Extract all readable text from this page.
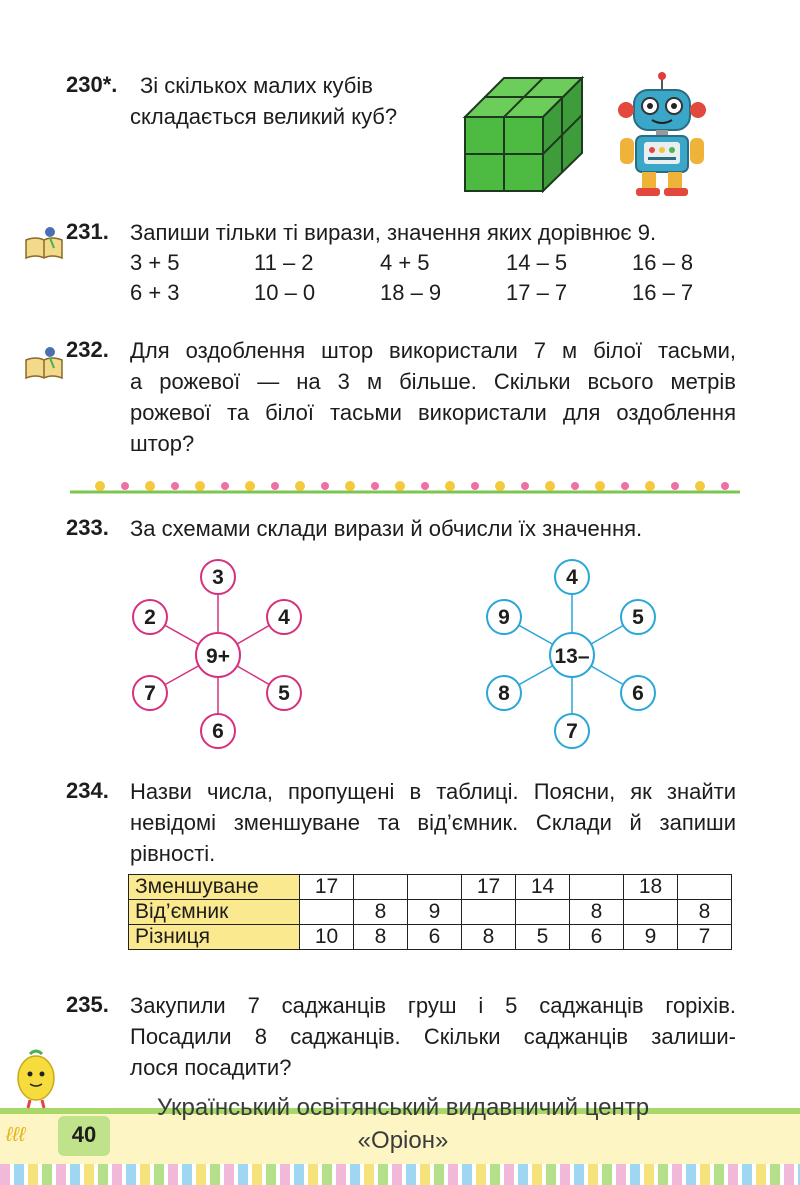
230*. Зі скількох малих кубів
складається великий куб?
231. Запиши тільки ті вирази, значення яких дорівнює 9.
3 + 5	11 – 2	4 + 5	14 – 5	16 – 8
6 + 3	10 – 0	18 – 9	17 – 7	16 – 7
232. Для оздоблення штор використали 7 м білої тасьми,
а рожевої — на 3 м більше. Скільки всього метрів
рожевої та білої тасьми використали для оздоблення
штор?
233. За схемами склади вирази й обчисли їх значення.
9+
3
4
5
6
7
2
13–
4
5
6
7
8
9
234. Назви числа, пропущені в таблиці. Поясни, як знайти
невідомі зменшуване та від’ємник. Склади й запиши
рівності.
Зменшуване	17			17	14		18	
Від’ємник		8	9			8		8
Різниця	10	8	6	8	5	6	9	7
235. Закупили 7 саджанців груш і 5 саджанців горіхів.
Посадили 8 саджанців. Скільки саджанців залиши-
лося посадити?
ℓℓℓ	40
Український освітянський видавничий центр
«Оріон»
